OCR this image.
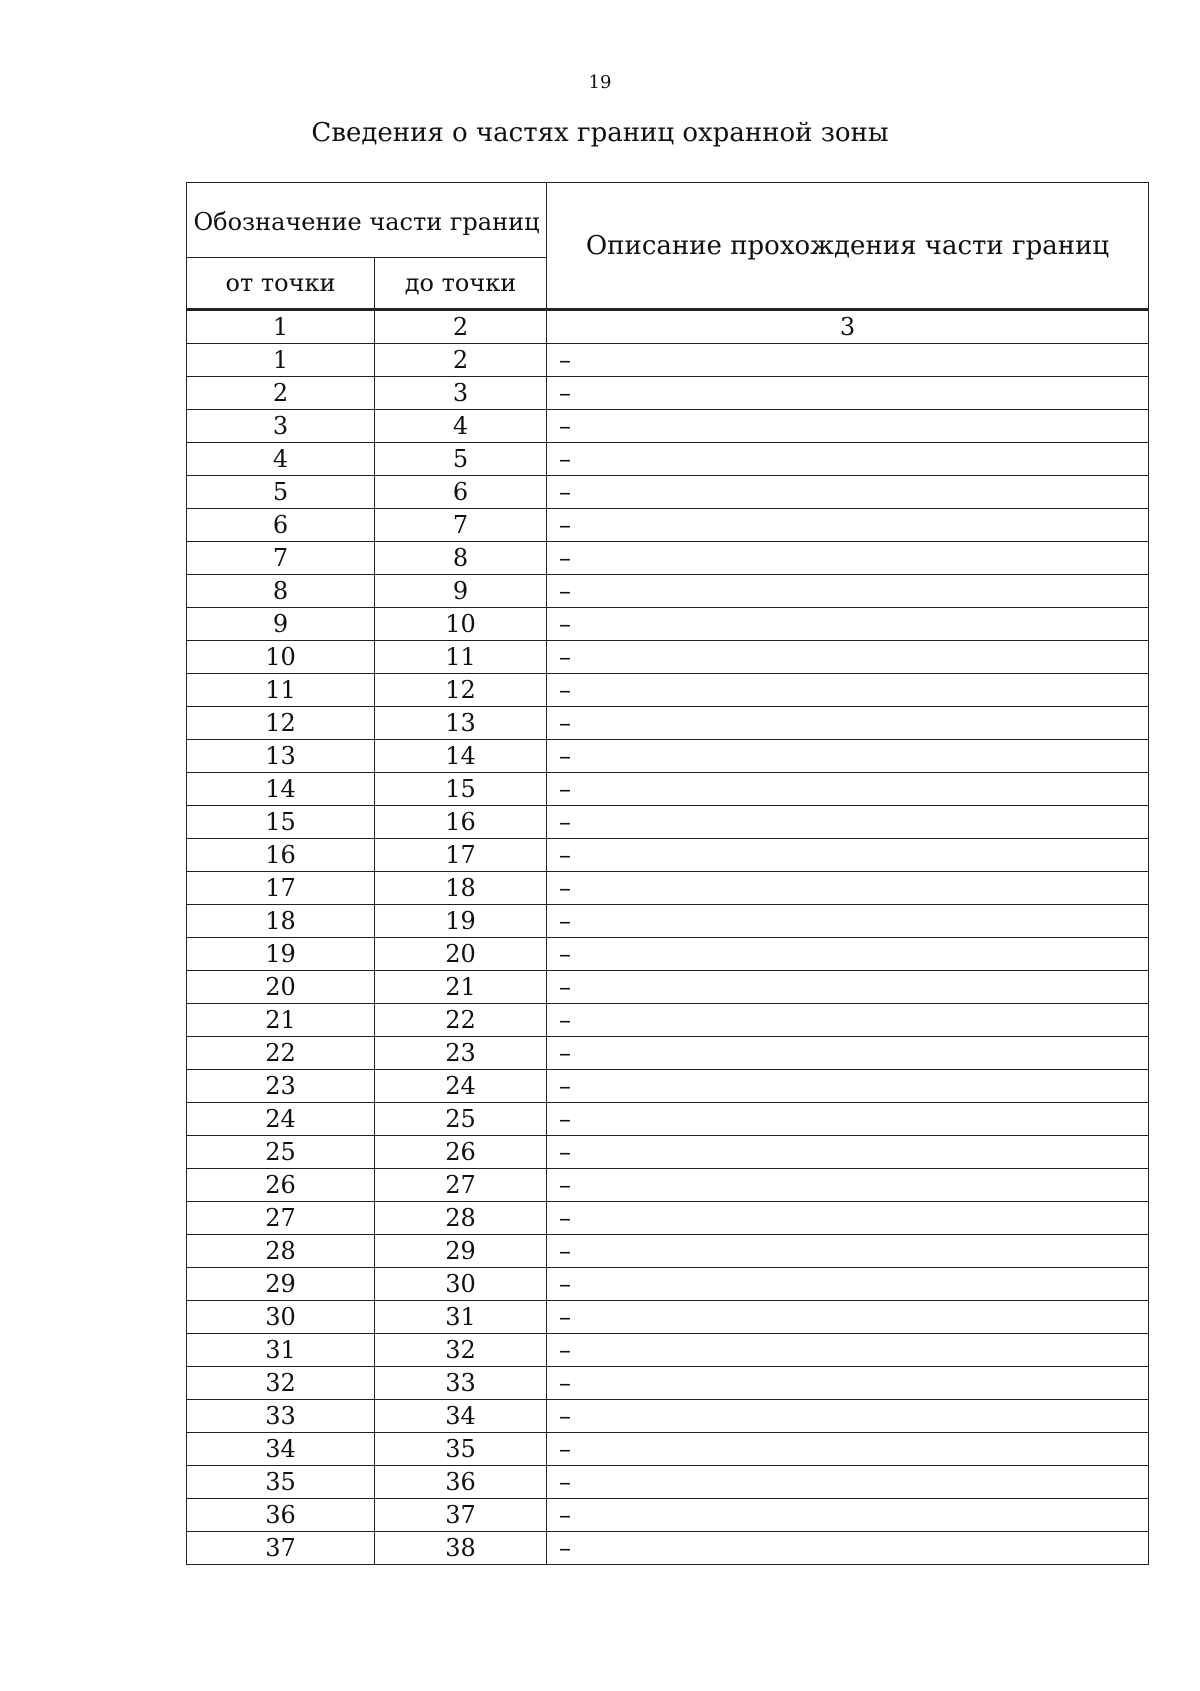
19
Сведения о частях границ охранной зоны
Обозначение части границ		Описание прохождения части границ
от точки	до точки	
1	2	3
1	2	–
2	3	–
3	4	–
4	5	–
5	6	–
6	7	–
7	8	–
8	9	–
9	10	–
10	11	–
11	12	–
12	13	–
13	14	–
14	15	–
15	16	–
16	17	–
17	18	–
18	19	–
19	20	–
20	21	–
21	22	–
22	23	–
23	24	–
24	25	–
25	26	–
26	27	–
27	28	–
28	29	–
29	30	–
30	31	–
31	32	–
32	33	–
33	34	–
34	35	–
35	36	–
36	37	–
37	38	–
